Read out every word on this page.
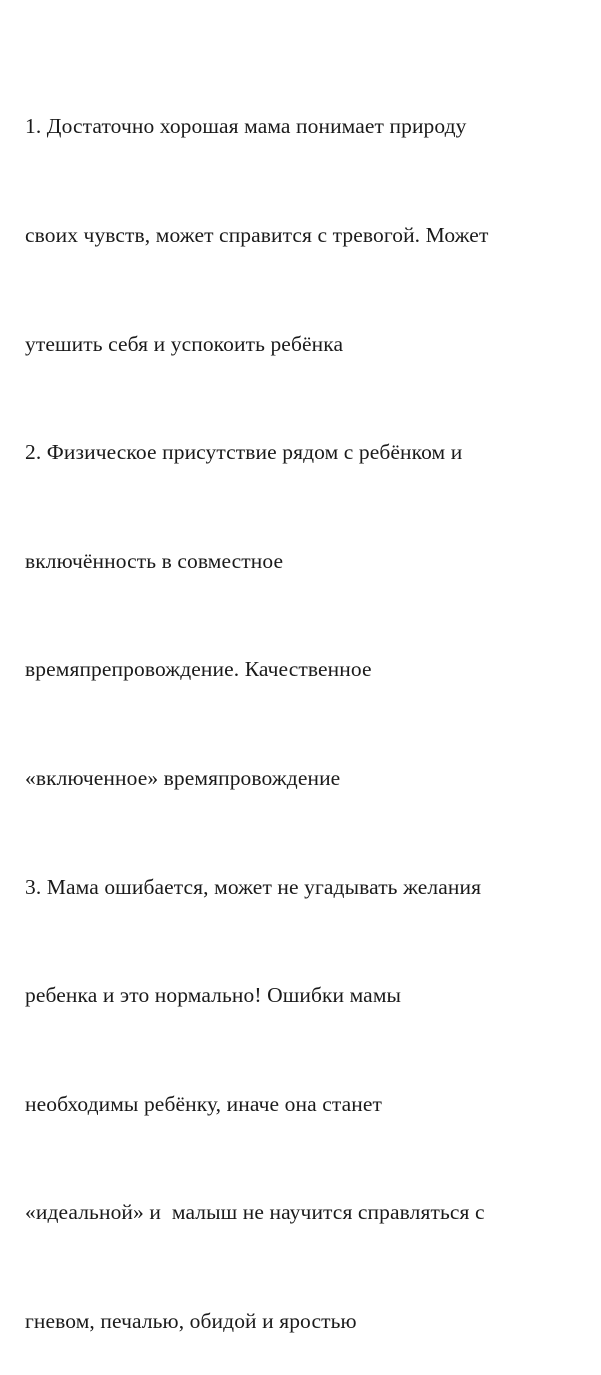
1. Достаточно хорошая мама понимает природу

своих чувств, может справится с тревогой. Может

утешить себя и успокоить ребёнка

2. Физическое присутствие рядом с ребёнком и

включённость в совместное

времяпрепровождение. Качественное

«включенное» времяпровождение

3. Мама ошибается, может не угадывать желания

ребенка и это нормально! Ошибки мамы

необходимы ребёнку, иначе она станет

«идеальной» и  малыш не научится справляться с

гневом, печалью, обидой и яростью
